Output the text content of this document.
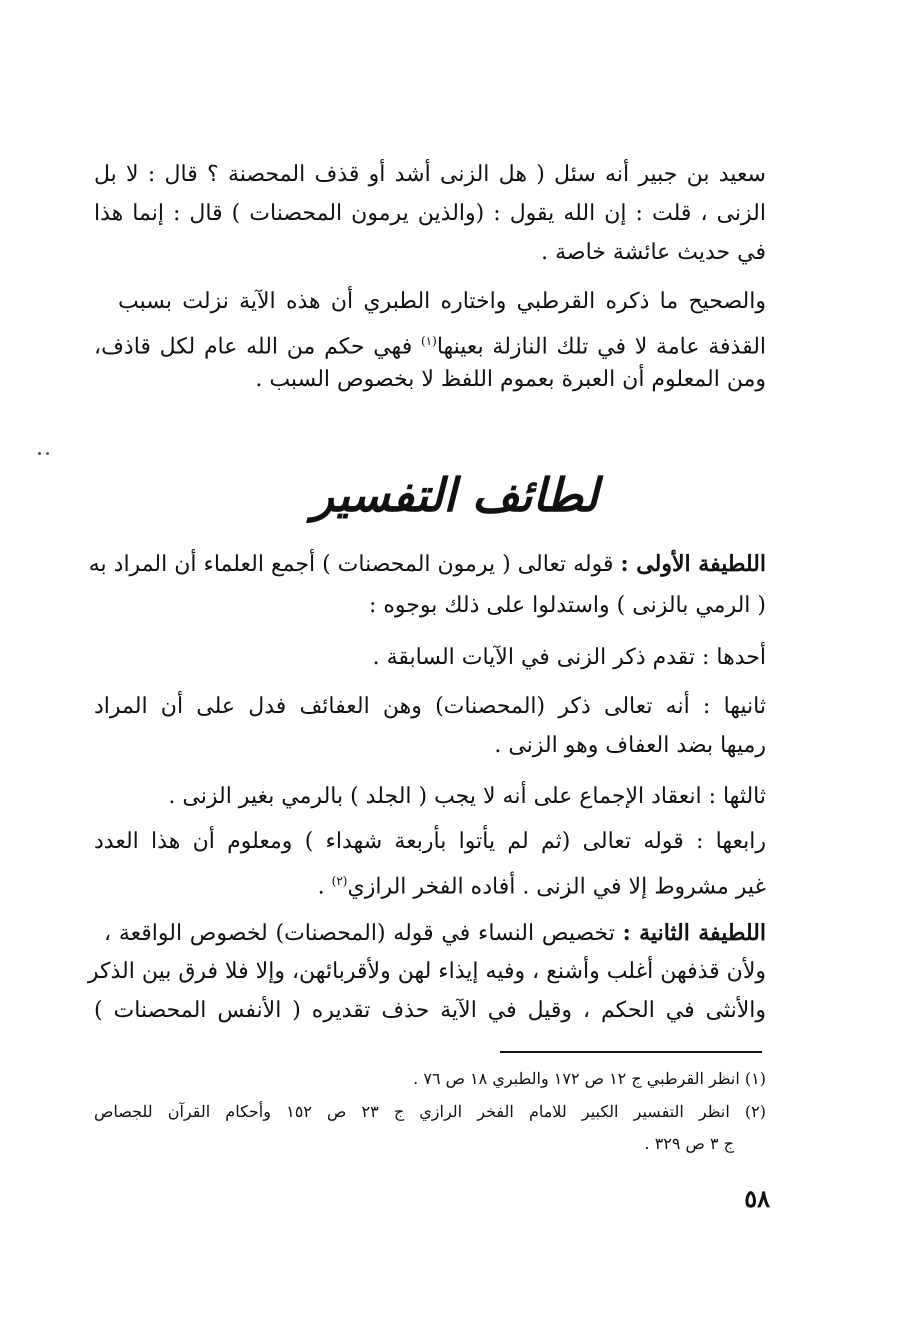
سعيد بن جبير أنه سئل ( هل الزنى أشد أو قذف المحصنة ؟ قال : لا بل
الزنى ، قلت : إن الله يقول : (والذين يرمون المحصنات ) قال : إنما هذا
في حديث عائشة خاصة .
والصحيح ما ذكره القرطبي واختاره الطبري أن هذه الآية نزلت بسبب
القذفة عامة لا في تلك النازلة بعينها$^{(١)}$ فهي حكم من الله عام لكل قاذف،
ومن المعلوم أن العبرة بعموم اللفظ لا بخصوص السبب .
لطائف التفسير
اللطيفة الأولى : قوله تعالى ( يرمون المحصنات ) أجمع العلماء أن المراد به
( الرمي بالزنى ) واستدلوا على ذلك بوجوه :
أحدها : تقدم ذكر الزنى في الآيات السابقة .
ثانيها : أنه تعالى ذكر (المحصنات) وهن العفائف فدل على أن المراد
رميها بضد العفاف وهو الزنى .
ثالثها : انعقاد الإجماع على أنه لا يجب ( الجلد ) بالرمي بغير الزنى .
رابعها : قوله تعالى (ثم لم يأتوا بأربعة شهداء ) ومعلوم أن هذا العدد
غير مشروط إلا في الزنى . أفاده الفخر الرازي$^{(٢)}$ .
اللطيفة الثانية : تخصيص النساء في قوله (المحصنات) لخصوص الواقعة ،
ولأن قذفهن أغلب وأشنع ، وفيه إيذاء لهن ولأقربائهن، وإلا فلا فرق بين الذكر
والأنثى في الحكم ، وقيل في الآية حذف تقديره ( الأنفس المحصنات )
(١) انظر القرطبي ج ١٢ ص ١٧٢ والطبري ١٨ ص ٧٦ .
(٢) انظر التفسير الكبير للامام الفخر الرازي ج ٢٣ ص ١٥٢ وأحكام القرآن للجصاص
ج ٣ ص ٣٢٩ .
٥٨
